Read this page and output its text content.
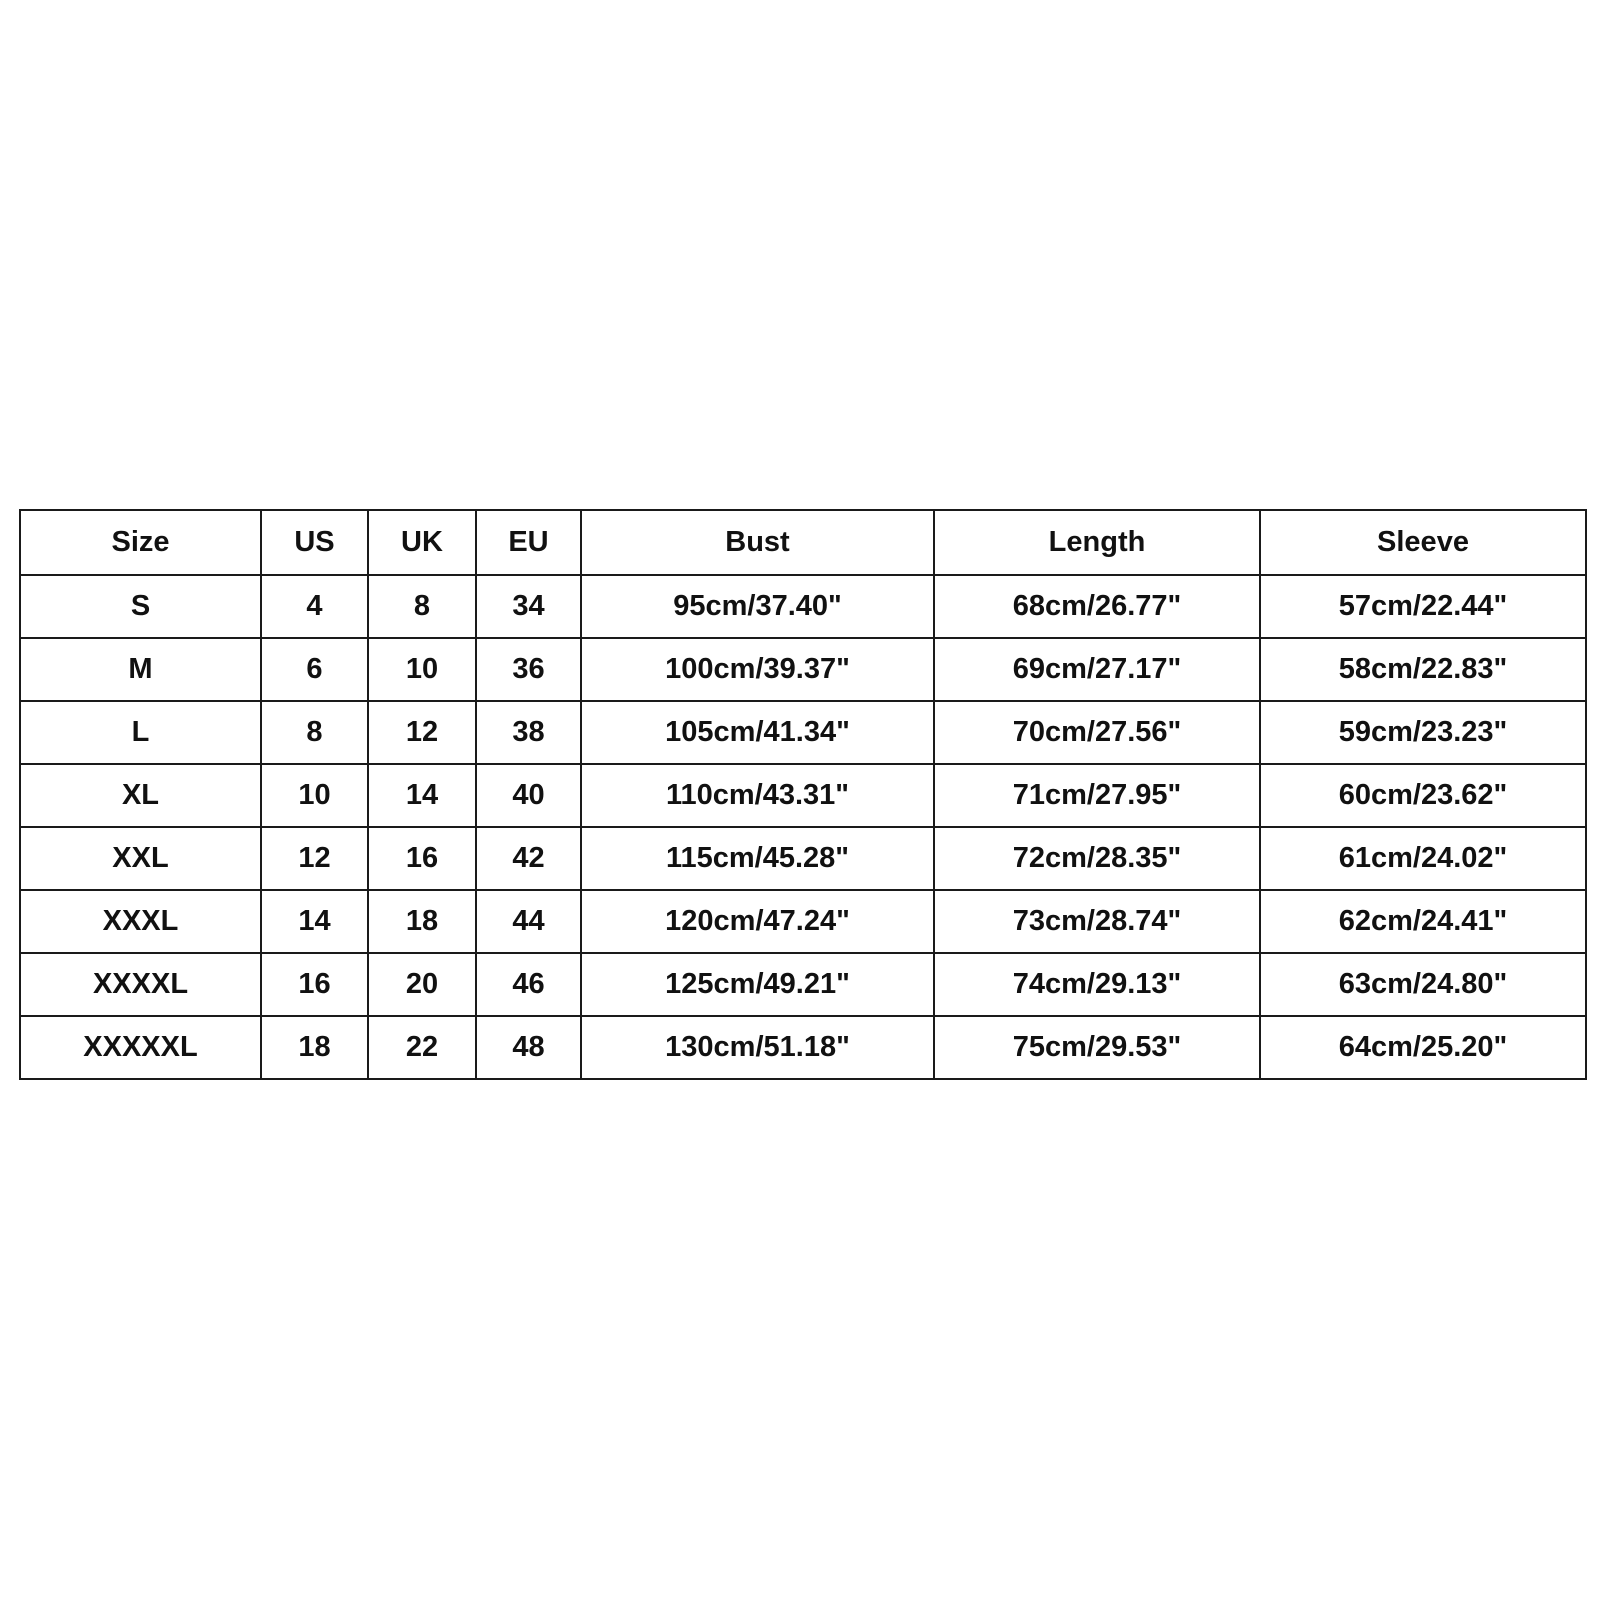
Size	US	UK	EU	Bust	Length	Sleeve
S	4	8	34	95cm/37.40"	68cm/26.77"	57cm/22.44"
M	6	10	36	100cm/39.37"	69cm/27.17"	58cm/22.83"
L	8	12	38	105cm/41.34"	70cm/27.56"	59cm/23.23"
XL	10	14	40	110cm/43.31"	71cm/27.95"	60cm/23.62"
XXL	12	16	42	115cm/45.28"	72cm/28.35"	61cm/24.02"
XXXL	14	18	44	120cm/47.24"	73cm/28.74"	62cm/24.41"
XXXXL	16	20	46	125cm/49.21"	74cm/29.13"	63cm/24.80"
XXXXXL	18	22	48	130cm/51.18"	75cm/29.53"	64cm/25.20"
